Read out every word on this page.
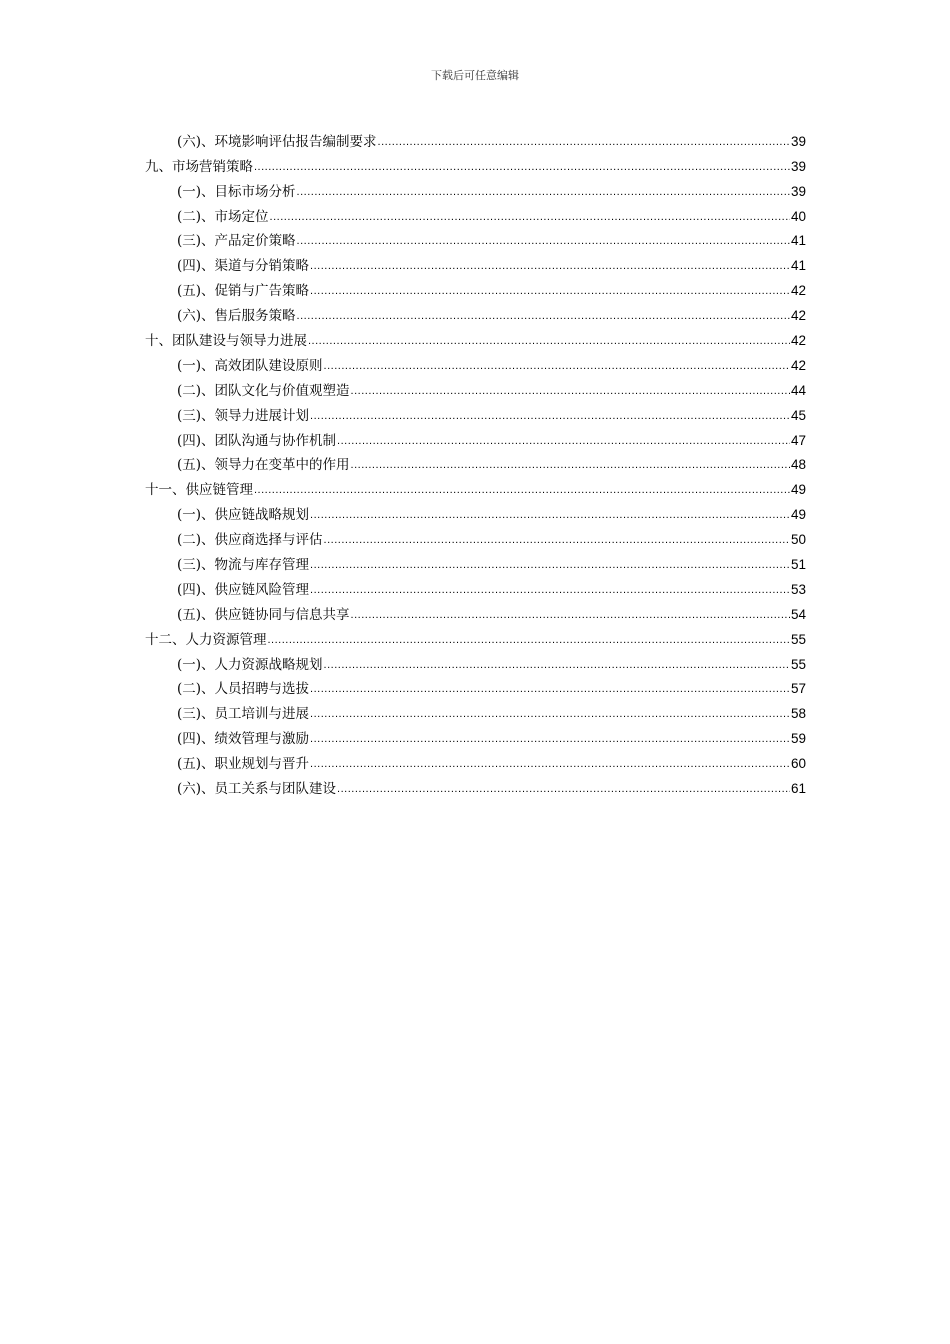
下载后可任意编辑
(六)、环境影响评估报告编制要求 .....	39
九、市场营销策略 .....	39
(一)、目标市场分析 .....	39
(二)、市场定位 .....	40
(三)、产品定价策略 .....	41
(四)、渠道与分销策略 .....	41
(五)、促销与广告策略 .....	42
(六)、售后服务策略 .....	42
十、团队建设与领导力进展 .....	42
(一)、高效团队建设原则 .....	42
(二)、团队文化与价值观塑造 .....	44
(三)、领导力进展计划 .....	45
(四)、团队沟通与协作机制 .....	47
(五)、领导力在变革中的作用 .....	48
十一、供应链管理 .....	49
(一)、供应链战略规划 .....	49
(二)、供应商选择与评估 .....	50
(三)、物流与库存管理 .....	51
(四)、供应链风险管理 .....	53
(五)、供应链协同与信息共享 .....	54
十二、人力资源管理 .....	55
(一)、人力资源战略规划 .....	55
(二)、人员招聘与选拔 .....	57
(三)、员工培训与进展 .....	58
(四)、绩效管理与激励 .....	59
(五)、职业规划与晋升 .....	60
(六)、员工关系与团队建设 .....	61
